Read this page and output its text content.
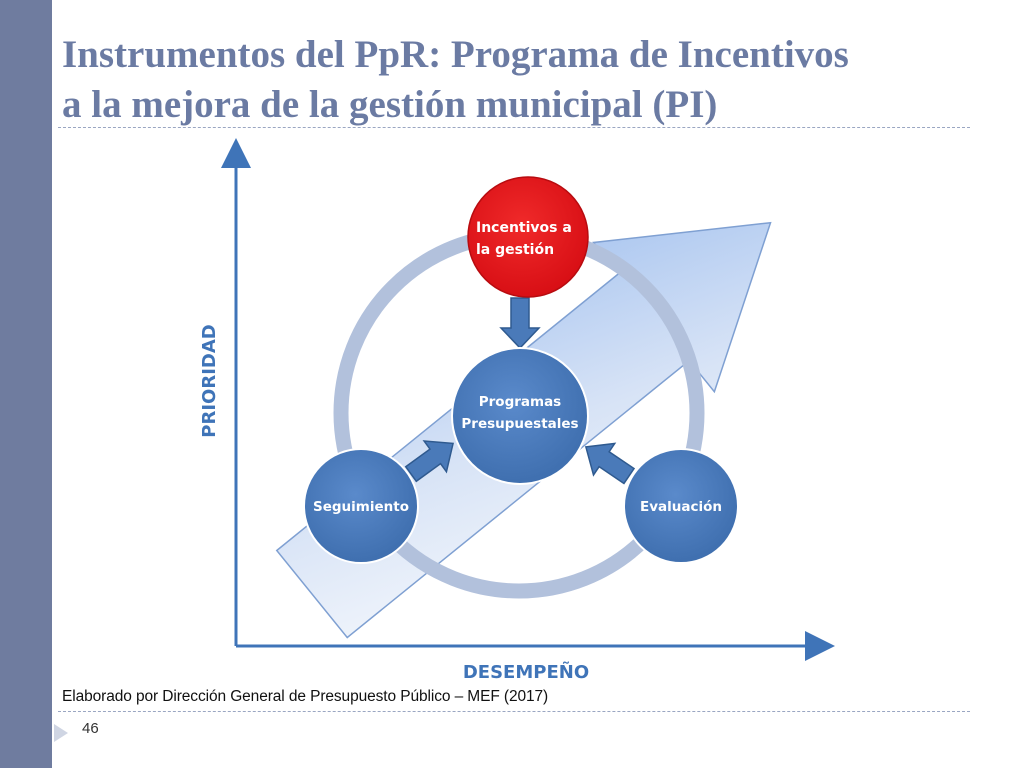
Instrumentos del PpR: Programa de Incentivos
a la mejora de la gestión municipal (PI)
Incentivos a
la gestión
Programas
Presupuestales
Seguimiento	Evaluación
PRIORIDAD
DESEMPEÑO
Elaborado por Dirección General de Presupuesto Público – MEF (2017)
46
